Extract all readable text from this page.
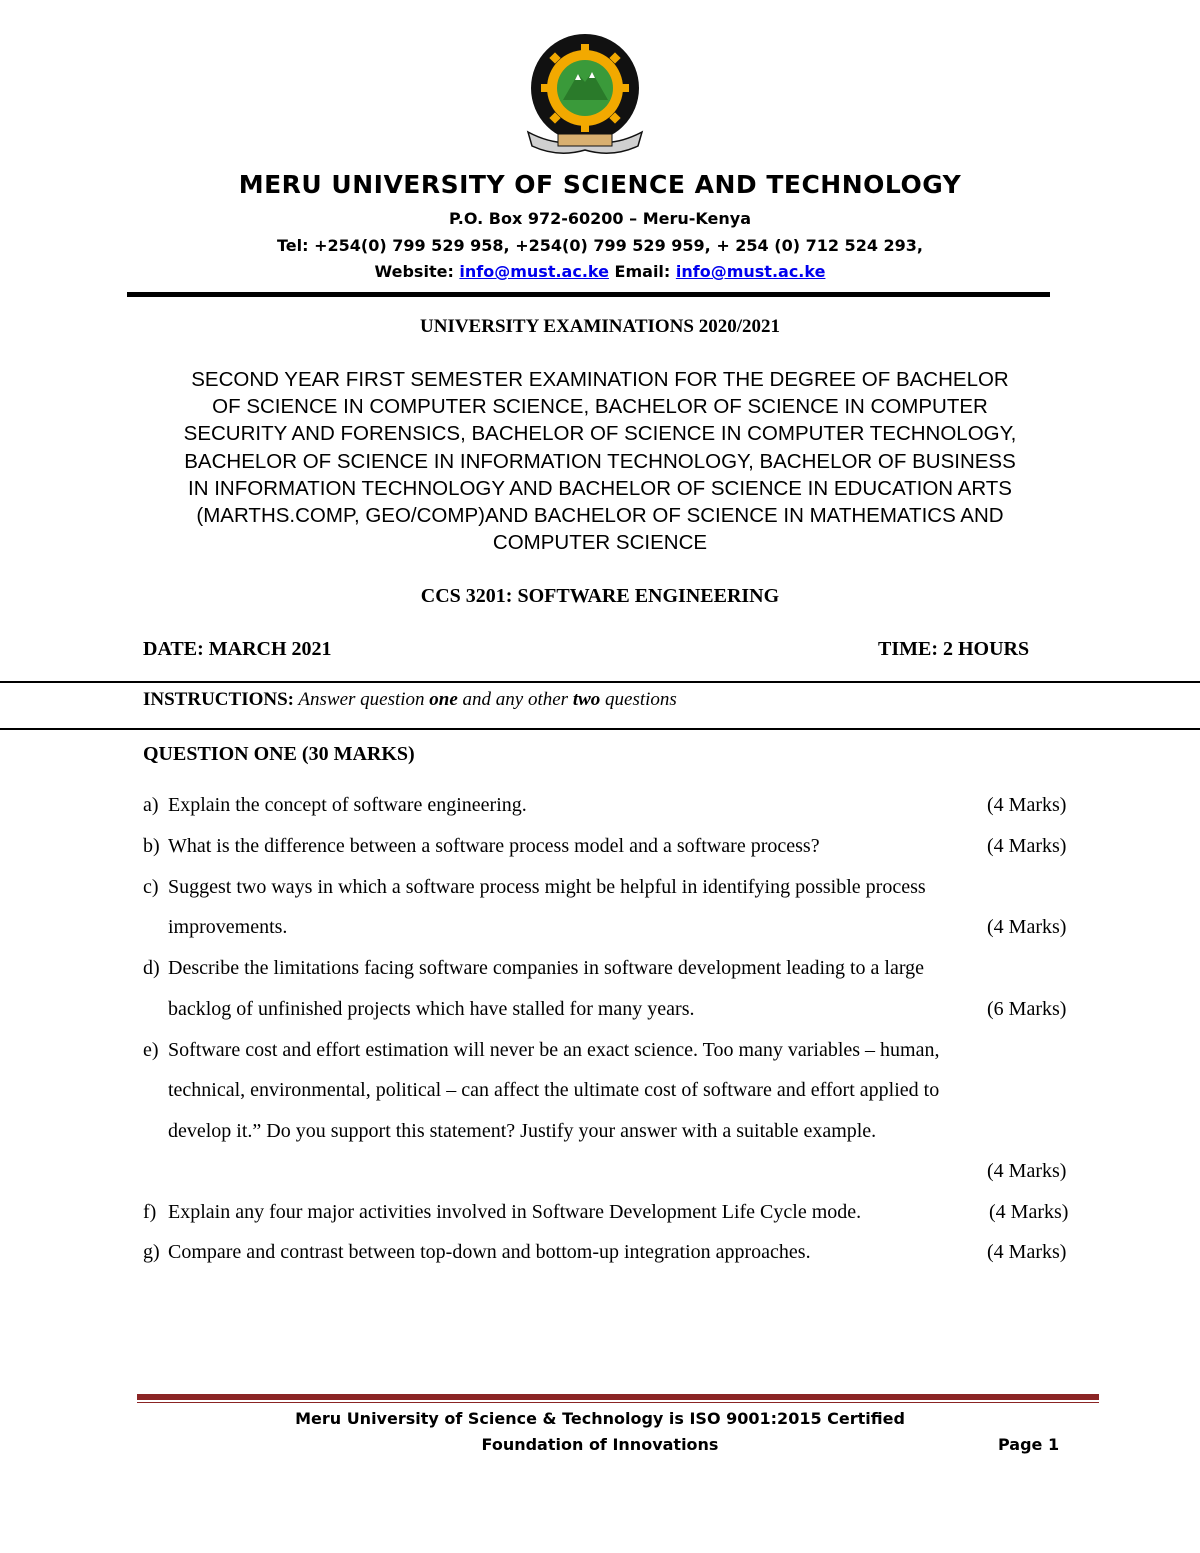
MERU UNIVERSITY OF SCIENCE AND TECHNOLOGY
P.O. Box 972-60200 – Meru-Kenya
Tel: +254(0) 799 529 958, +254(0) 799 529 959, + 254 (0) 712 524 293,
Website: info@must.ac.ke Email: info@must.ac.ke
UNIVERSITY EXAMINATIONS 2020/2021
SECOND YEAR FIRST SEMESTER EXAMINATION FOR THE DEGREE OF BACHELOR
OF SCIENCE IN COMPUTER SCIENCE, BACHELOR OF SCIENCE IN COMPUTER
SECURITY AND FORENSICS, BACHELOR OF SCIENCE IN COMPUTER TECHNOLOGY,
BACHELOR OF SCIENCE IN INFORMATION TECHNOLOGY, BACHELOR OF BUSINESS
IN INFORMATION TECHNOLOGY AND BACHELOR OF SCIENCE IN EDUCATION ARTS
(MARTHS.COMP, GEO/COMP)AND BACHELOR OF SCIENCE IN MATHEMATICS AND
COMPUTER SCIENCE
CCS 3201: SOFTWARE ENGINEERING
DATE: MARCH 2021	TIME: 2 HOURS
INSTRUCTIONS: Answer question one and any other two questions
QUESTION ONE (30 MARKS)
a) Explain the concept of software engineering.	(4 Marks)
b) What is the difference between a software process model and a software process?	(4 Marks)
c) Suggest two ways in which a software process might be helpful in identifying possible process
improvements.	(4 Marks)
d) Describe the limitations facing software companies in software development leading to a large
backlog of unfinished projects which have stalled for many years.	(6 Marks)
e) Software cost and effort estimation will never be an exact science. Too many variables – human,
technical, environmental, political – can affect the ultimate cost of software and effort applied to
develop it.” Do you support this statement? Justify your answer with a suitable example.
(4 Marks)
f) Explain any four major activities involved in Software Development Life Cycle mode.	(4 Marks)
g) Compare and contrast between top-down and bottom-up integration approaches.	(4 Marks)
Meru University of Science & Technology is ISO 9001:2015 Certified
Foundation of Innovations	Page 1
